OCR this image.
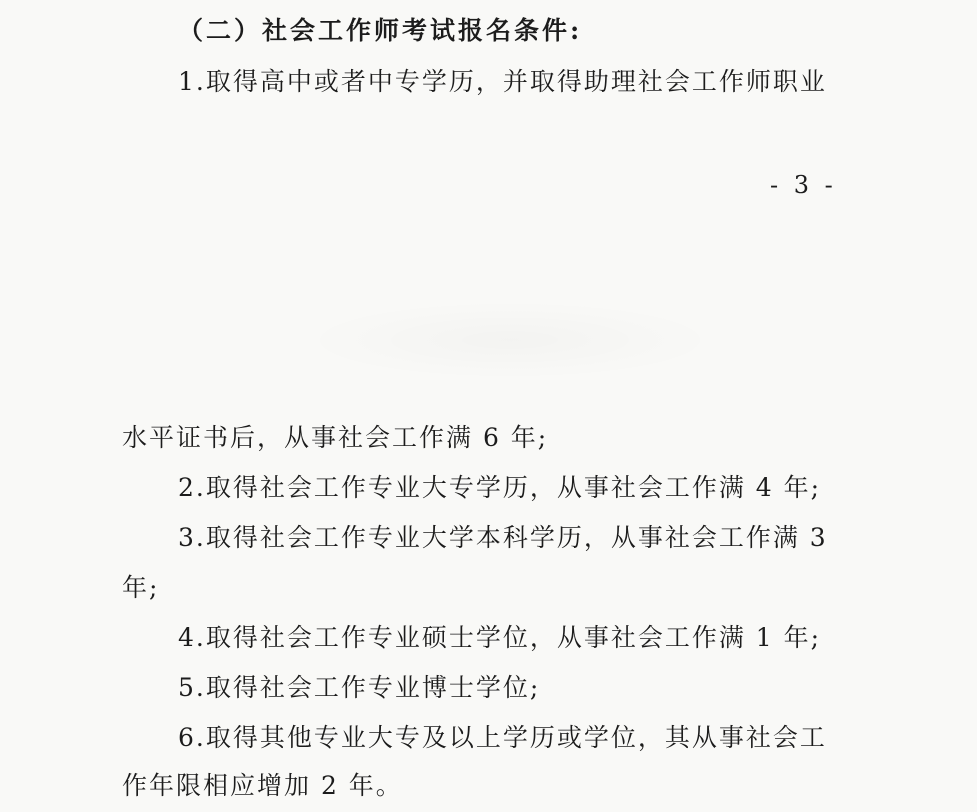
（二）社会工作师考试报名条件:
1.取得高中或者中专学历，并取得助理社会工作师职业
- 3 -
水平证书后，从事社会工作满 6 年;
2.取得社会工作专业大专学历，从事社会工作满 4 年;
3.取得社会工作专业大学本科学历，从事社会工作满 3
年;
4.取得社会工作专业硕士学位，从事社会工作满 1 年;
5.取得社会工作专业博士学位;
6.取得其他专业大专及以上学历或学位，其从事社会工
作年限相应增加 2 年。
